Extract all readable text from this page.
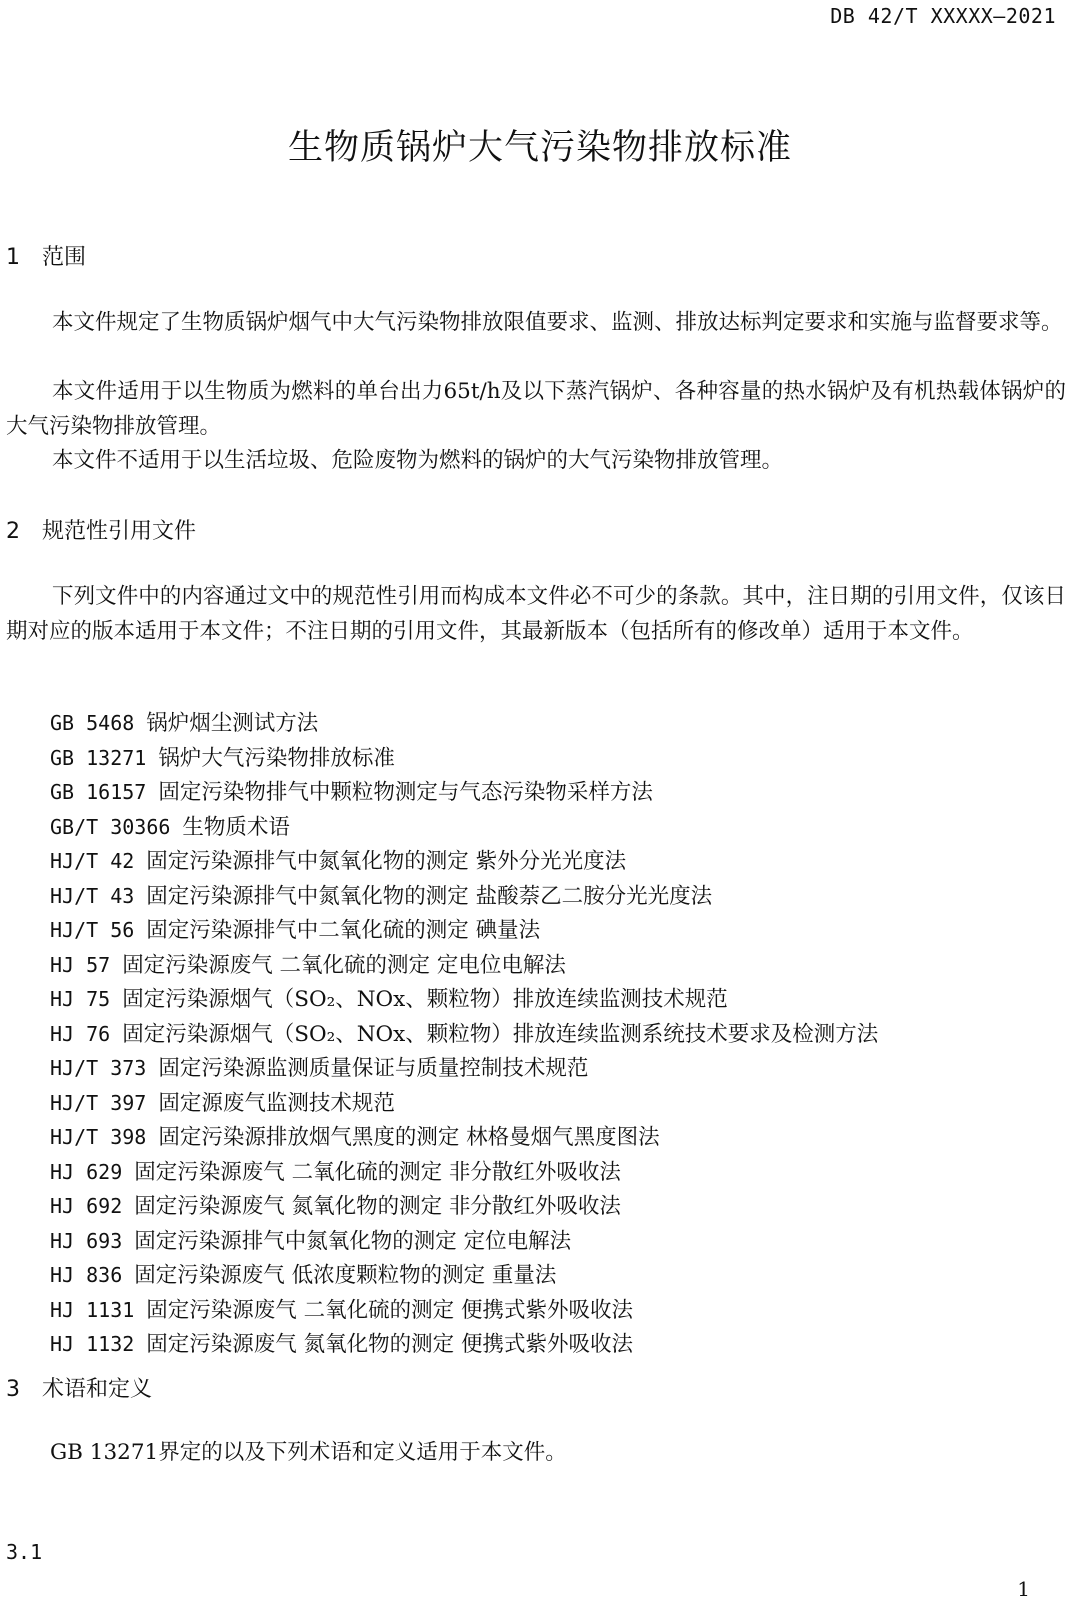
DB 42/T XXXXX—2021
生物质锅炉大气污染物排放标准
1 范围
本文件规定了生物质锅炉烟气中大气污染物排放限值要求、监测、排放达标判定要求和实施与监督要求等。
本文件适用于以生物质为燃料的单台出力65t/h及以下蒸汽锅炉、各种容量的热水锅炉及有机热载体锅炉的大气污染物排放管理。
本文件不适用于以生活垃圾、危险废物为燃料的锅炉的大气污染物排放管理。
2 规范性引用文件
下列文件中的内容通过文中的规范性引用而构成本文件必不可少的条款。其中，注日期的引用文件，仅该日期对应的版本适用于本文件；不注日期的引用文件，其最新版本（包括所有的修改单）适用于本文件。
GB 5468 锅炉烟尘测试方法
GB 13271 锅炉大气污染物排放标准
GB 16157 固定污染物排气中颗粒物测定与气态污染物采样方法
GB/T 30366 生物质术语
HJ/T 42 固定污染源排气中氮氧化物的测定 紫外分光光度法
HJ/T 43 固定污染源排气中氮氧化物的测定 盐酸萘乙二胺分光光度法
HJ/T 56 固定污染源排气中二氧化硫的测定 碘量法
HJ 57 固定污染源废气 二氧化硫的测定 定电位电解法
HJ 75 固定污染源烟气（SO₂、NOx、颗粒物）排放连续监测技术规范
HJ 76 固定污染源烟气（SO₂、NOx、颗粒物）排放连续监测系统技术要求及检测方法
HJ/T 373 固定污染源监测质量保证与质量控制技术规范
HJ/T 397 固定源废气监测技术规范
HJ/T 398 固定污染源排放烟气黑度的测定 林格曼烟气黑度图法
HJ 629 固定污染源废气 二氧化硫的测定 非分散红外吸收法
HJ 692 固定污染源废气 氮氧化物的测定 非分散红外吸收法
HJ 693 固定污染源排气中氮氧化物的测定 定位电解法
HJ 836 固定污染源废气 低浓度颗粒物的测定 重量法
HJ 1131 固定污染源废气 二氧化硫的测定 便携式紫外吸收法
HJ 1132 固定污染源废气 氮氧化物的测定 便携式紫外吸收法
3 术语和定义
GB 13271界定的以及下列术语和定义适用于本文件。
3.1
1
